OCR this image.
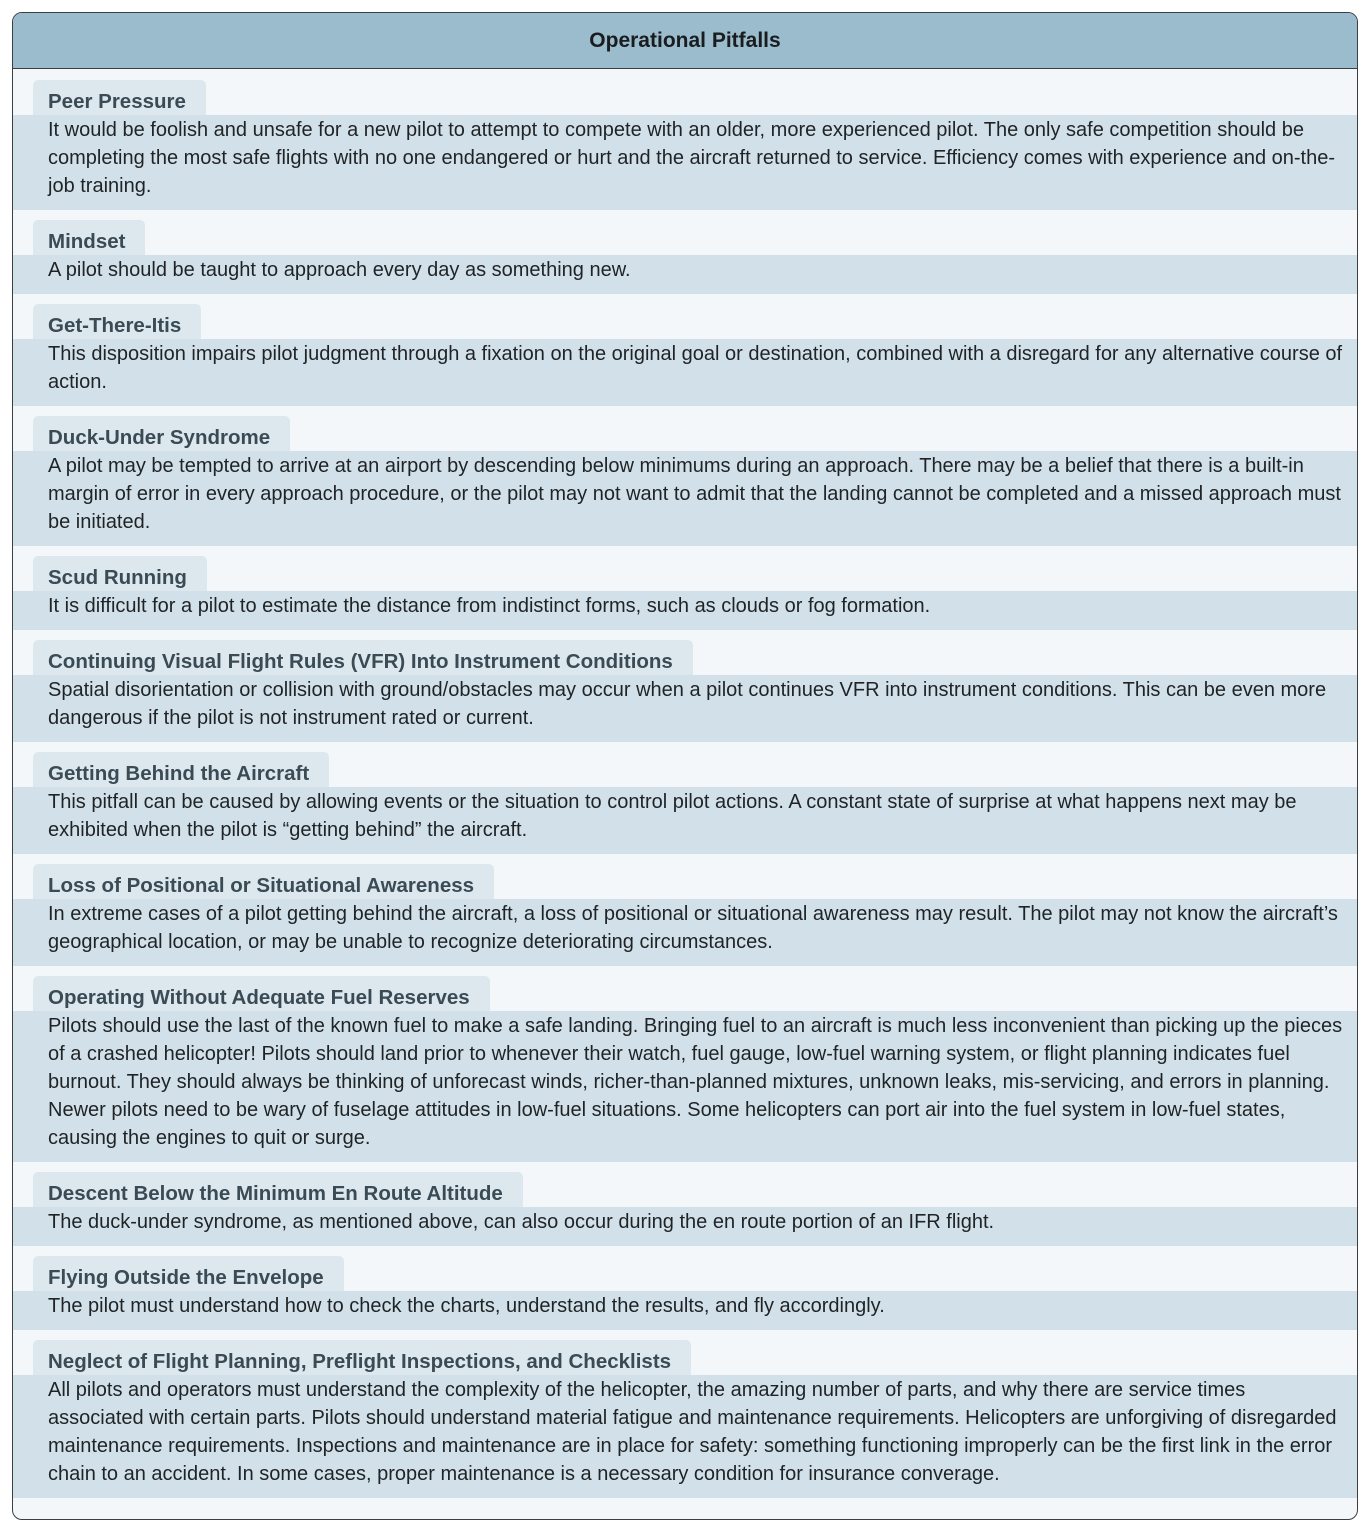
Operational Pitfalls
Peer Pressure
It would be foolish and unsafe for a new pilot to attempt to compete with an older, more experienced pilot. The only safe competition should be completing the most safe flights with no one endangered or hurt and the aircraft returned to service. Efficiency comes with experience and on-the-job training.
Mindset
A pilot should be taught to approach every day as something new.
Get-There-Itis
This disposition impairs pilot judgment through a fixation on the original goal or destination, combined with a disregard for any alternative course of action.
Duck-Under Syndrome
A pilot may be tempted to arrive at an airport by descending below minimums during an approach. There may be a belief that there is a built-in margin of error in every approach procedure, or the pilot may not want to admit that the landing cannot be completed and a missed approach must be initiated.
Scud Running
It is difficult for a pilot to estimate the distance from indistinct forms, such as clouds or fog formation.
Continuing Visual Flight Rules (VFR) Into Instrument Conditions
Spatial disorientation or collision with ground/obstacles may occur when a pilot continues VFR into instrument conditions. This can be even more dangerous if the pilot is not instrument rated or current.
Getting Behind the Aircraft
This pitfall can be caused by allowing events or the situation to control pilot actions. A constant state of surprise at what happens next may be exhibited when the pilot is “getting behind” the aircraft.
Loss of Positional or Situational Awareness
In extreme cases of a pilot getting behind the aircraft, a loss of positional or situational awareness may result. The pilot may not know the aircraft’s geographical location, or may be unable to recognize deteriorating circumstances.
Operating Without Adequate Fuel Reserves
Pilots should use the last of the known fuel to make a safe landing. Bringing fuel to an aircraft is much less inconvenient than picking up the pieces of a crashed helicopter! Pilots should land prior to whenever their watch, fuel gauge, low-fuel warning system, or flight planning indicates fuel burnout. They should always be thinking of unforecast winds, richer-than-planned mixtures, unknown leaks, mis-servicing, and errors in planning. Newer pilots need to be wary of fuselage attitudes in low-fuel situations. Some helicopters can port air into the fuel system in low-fuel states, causing the engines to quit or surge.
Descent Below the Minimum En Route Altitude
The duck-under syndrome, as mentioned above, can also occur during the en route portion of an IFR flight.
Flying Outside the Envelope
The pilot must understand how to check the charts, understand the results, and fly accordingly.
Neglect of Flight Planning, Preflight Inspections, and Checklists
All pilots and operators must understand the complexity of the helicopter, the amazing number of parts, and why there are service times associated with certain parts. Pilots should understand material fatigue and maintenance requirements. Helicopters are unforgiving of disregarded maintenance requirements. Inspections and maintenance are in place for safety: something functioning improperly can be the first link in the error chain to an accident. In some cases, proper maintenance is a necessary condition for insurance converage.
